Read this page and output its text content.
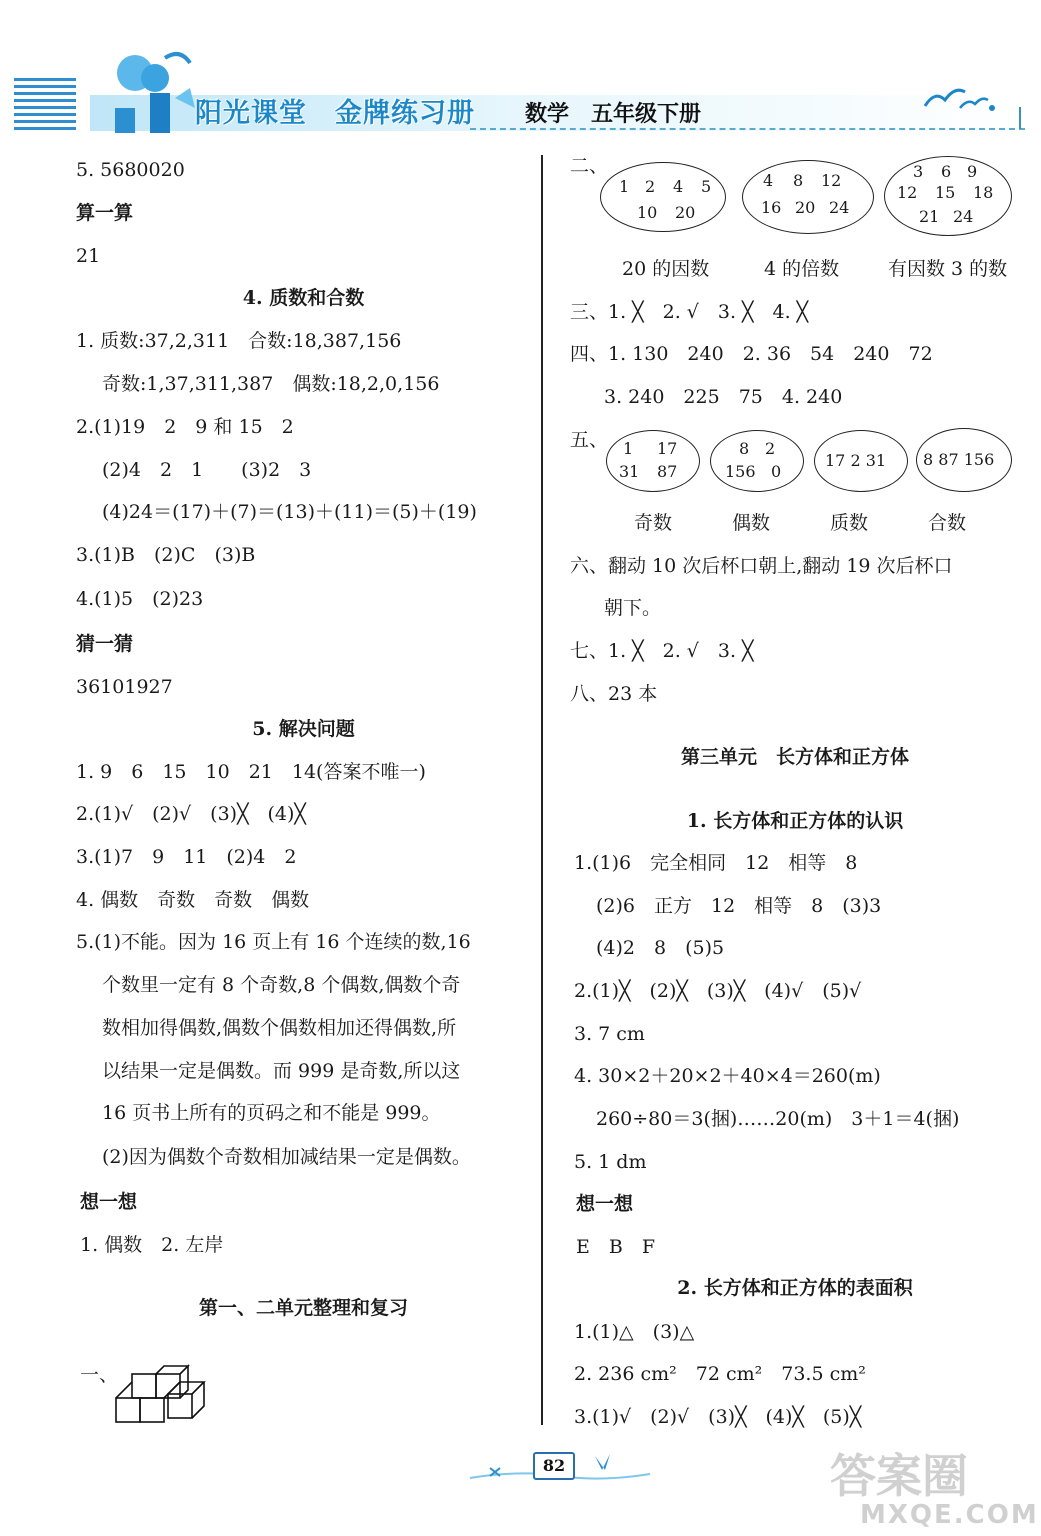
阳光课堂　金牌练习册 数学　五年级下册
5. 5680020
算一算
21
4. 质数和合数
1. 质数:37,2,311　合数:18,387,156
奇数:1,37,311,387　偶数:18,2,0,156
2.(1)19　2　9 和 15　2
(2)4　2　1　　(3)2　3
(4)24＝(17)＋(7)＝(13)＋(11)＝(5)＋(19)
3.(1)B　(2)C　(3)B
4.(1)5　(2)23
猜一猜
36101927
5. 解决问题
1. 9　6　15　10　21　14(答案不唯一)
2.(1)√　(2)√　(3)╳　(4)╳
3.(1)7　9　11　(2)4　2
4. 偶数　奇数　奇数　偶数
5.(1)不能。因为 16 页上有 16 个连续的数,16
个数里一定有 8 个奇数,8 个偶数,偶数个奇
数相加得偶数,偶数个偶数相加还得偶数,所
以结果一定是偶数。而 999 是奇数,所以这
16 页书上所有的页码之和不能是 999。
(2)因为偶数个奇数相加减结果一定是偶数。
想一想
1. 偶数　2. 左岸
第一、二单元整理和复习
一、
二、
1 2 4 5
10 20
4 8 12
16 20 24
3 6 9
12 15 18
21 24
20 的因数	4 的倍数	有因数 3 的数
三、1. ╳　2. √　3. ╳　4. ╳
四、1. 130　240　2. 36　54　240　72
3. 240　225　75　4. 240
五、 1 17
31 87
8 2
156 0
17 2 31 8 87 156
奇数	偶数	质数	合数
六、翻动 10 次后杯口朝上,翻动 19 次后杯口
朝下。
七、1. ╳　2. √　3. ╳
八、23 本
第三单元　长方体和正方体
1. 长方体和正方体的认识
1.(1)6　完全相同　12　相等　8
(2)6　正方　12　相等　8　(3)3
(4)2　8　(5)5
2.(1)╳　(2)╳　(3)╳　(4)√　(5)√
3. 7 cm
4. 30×2＋20×2＋40×4＝260(m)
260÷80＝3(捆)……20(m)　3＋1＝4(捆)
5. 1 dm
想一想
E　B　F
2. 长方体和正方体的表面积
1.(1)△　(3)△
2. 236 cm²　72 cm²　73.5 cm²
3.(1)√　(2)√　(3)╳　(4)╳　(5)╳
82	答案圈
MXQE.COM
